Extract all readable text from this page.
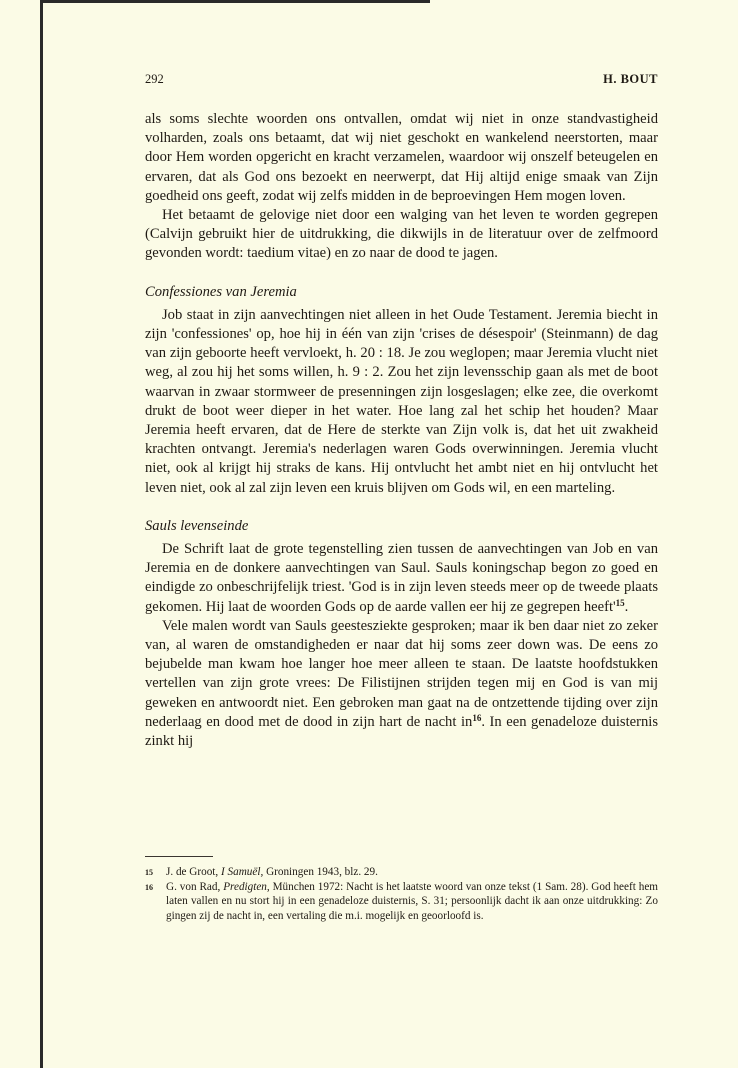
292	H. BOUT

als soms slechte woorden ons ontvallen, omdat wij niet in onze standvastigheid volharden, zoals ons betaamt, dat wij niet geschokt en wankelend neerstorten, maar door Hem worden opgericht en kracht verzamelen, waardoor wij onszelf beteugelen en ervaren, dat als God ons bezoekt en neerwerpt, dat Hij altijd enige smaak van Zijn goedheid ons geeft, zodat wij zelfs midden in de beproevingen Hem mogen loven.

Het betaamt de gelovige niet door een walging van het leven te worden gegrepen (Calvijn gebruikt hier de uitdrukking, die dikwijls in de literatuur over de zelfmoord gevonden wordt: taedium vitae) en zo naar de dood te jagen.

Confessiones van Jeremia

Job staat in zijn aanvechtingen niet alleen in het Oude Testament. Jeremia biecht in zijn 'confessiones' op, hoe hij in één van zijn 'crises de désespoir' (Steinmann) de dag van zijn geboorte heeft vervloekt, h. 20 : 18. Je zou weglopen; maar Jeremia vlucht niet weg, al zou hij het soms willen, h. 9 : 2. Zou het zijn levensschip gaan als met de boot waarvan in zwaar stormweer de presenningen zijn losgeslagen; elke zee, die overkomt drukt de boot weer dieper in het water. Hoe lang zal het schip het houden? Maar Jeremia heeft ervaren, dat de Here de sterkte van Zijn volk is, dat het uit zwakheid krachten ontvangt. Jeremia's nederlagen waren Gods overwinningen. Jeremia vlucht niet, ook al krijgt hij straks de kans. Hij ontvlucht het ambt niet en hij ontvlucht het leven niet, ook al zal zijn leven een kruis blijven om Gods wil, en een marteling.

Sauls levenseinde

De Schrift laat de grote tegenstelling zien tussen de aanvechtingen van Job en van Jeremia en de donkere aanvechtingen van Saul. Sauls koningschap begon zo goed en eindigde zo onbeschrijfelijk triest. 'God is in zijn leven steeds meer op de tweede plaats gekomen. Hij laat de woorden Gods op de aarde vallen eer hij ze gegrepen $heeft'^{15}$.

Vele malen wordt van Sauls geestesziekte gesproken; maar ik ben daar niet zo zeker van, al waren de omstandigheden er naar dat hij soms zeer down was. De eens zo bejubelde man kwam hoe langer hoe meer alleen te staan. De laatste hoofdstukken vertellen van zijn grote vrees: De Filistijnen strijden tegen mij en God is van mij geweken en antwoordt niet. Een gebroken man gaat na de ontzettende tijding over zijn nederlaag en dood met de dood in zijn hart de nacht $in^{16}$. In een genadeloze duisternis zinkt hij

15	J. de Groot, I Samuël, Groningen 1943, blz. 29.
16	G. von Rad, Predigten, München 1972: Nacht is het laatste woord van onze tekst (1 Sam. 28). God heeft hem laten vallen en nu stort hij in een genadeloze duisternis, S. 31; persoonlijk dacht ik aan onze uitdrukking: Zo gingen zij de nacht in, een vertaling die m.i. mogelijk en geoorloofd is.
